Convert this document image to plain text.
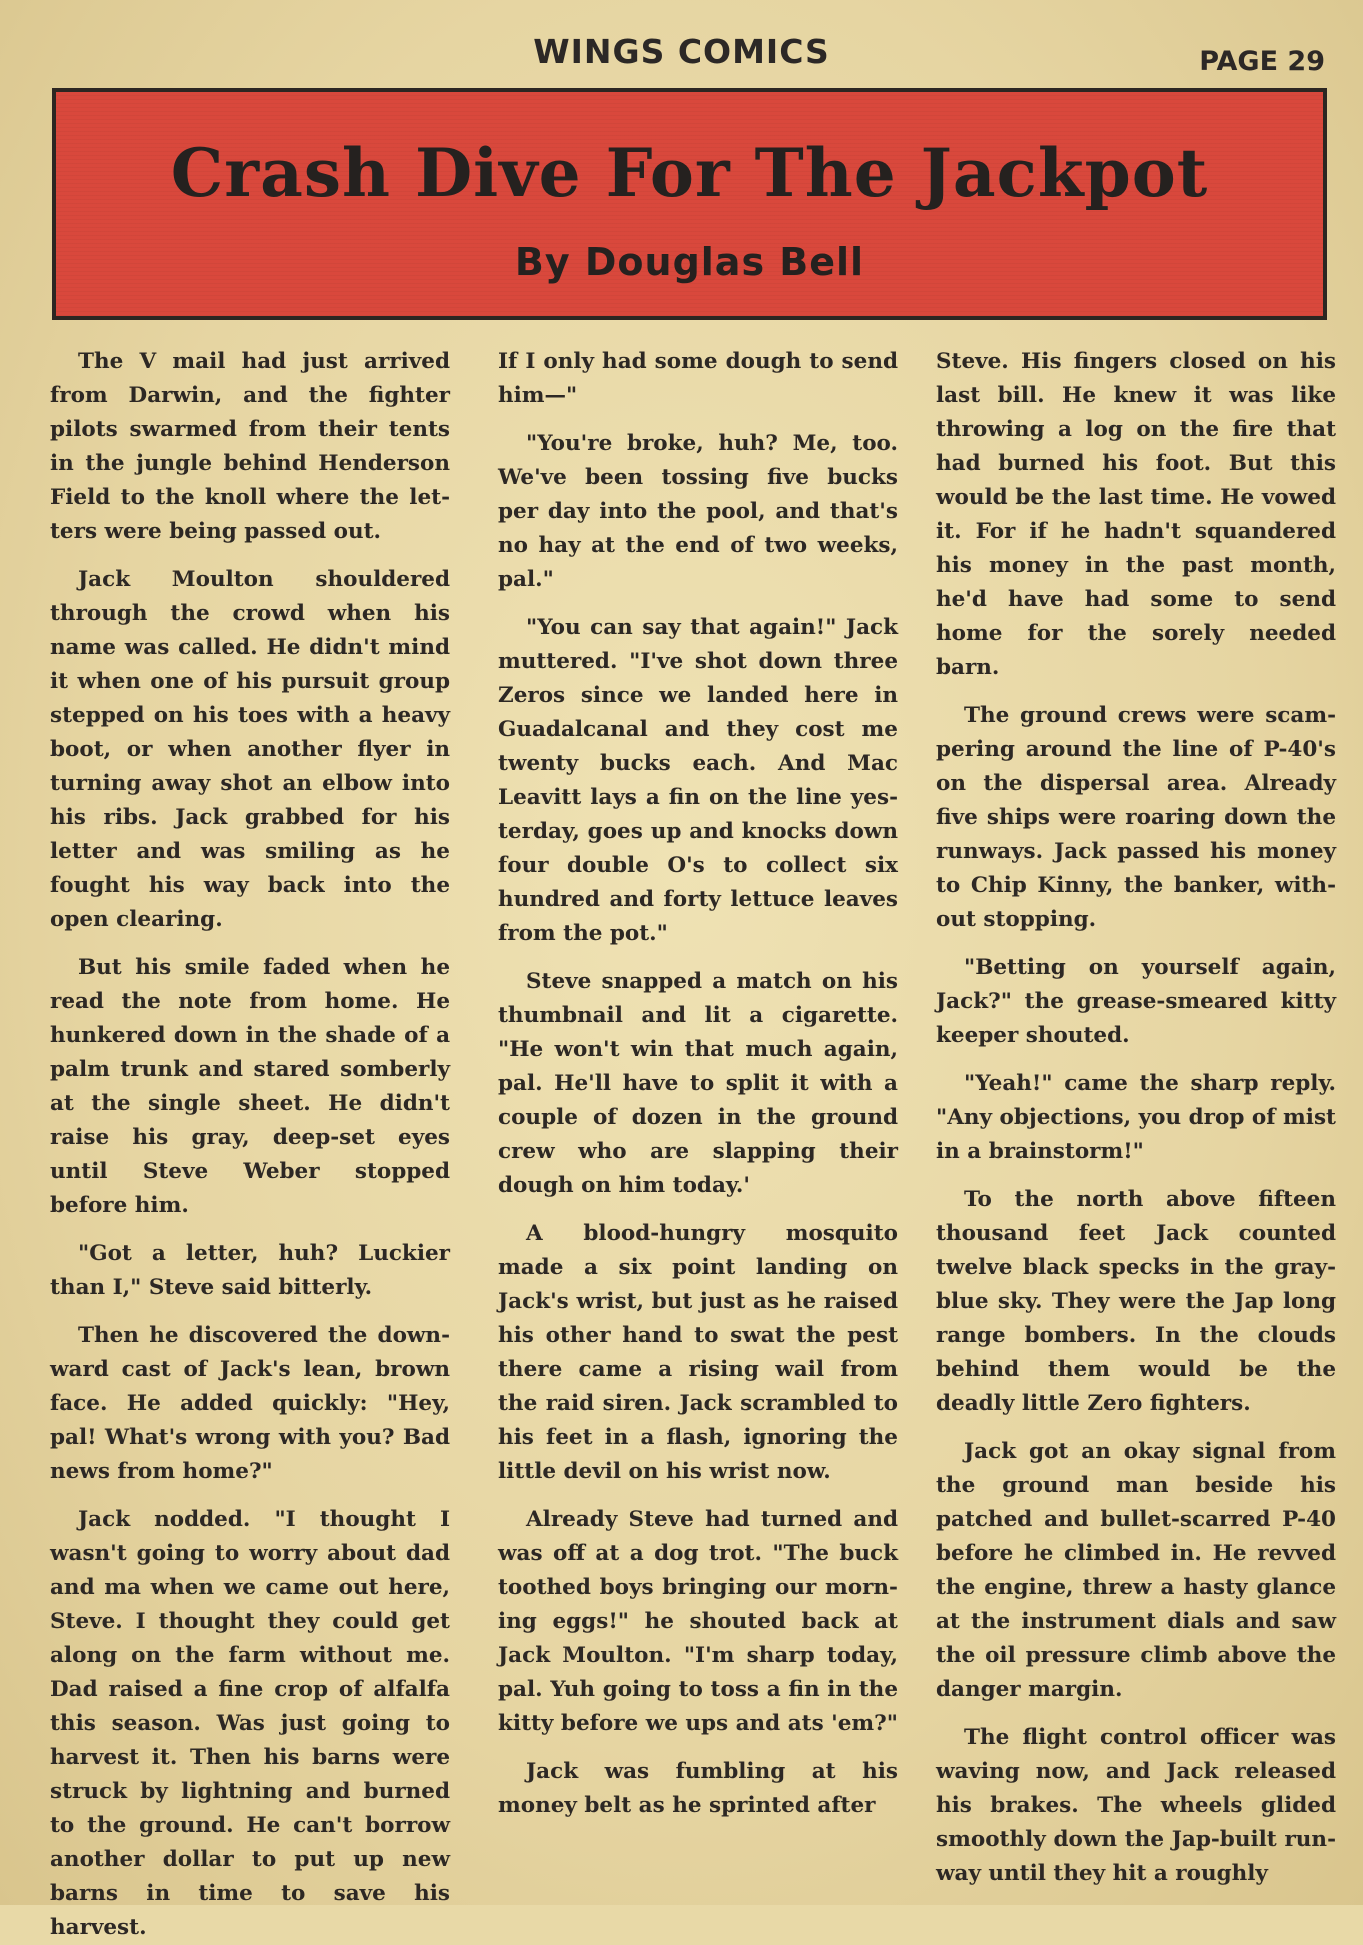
WINGS COMICS	PAGE 29
Crash Dive For The Jackpot
By Douglas Bell

The V mail had just arrived from Darwin, and the fighter pilots swarmed from their tents in the jungle behind Henderson Field to the knoll where the let-ters were being passed out.

Jack Moulton shouldered through the crowd when his name was called. He didn't mind it when one of his pursuit group stepped on his toes with a heavy boot, or when another flyer in turning away shot an elbow into his ribs. Jack grabbed for his letter and was smiling as he fought his way back into the open clearing.

But his smile faded when he read the note from home. He hunkered down in the shade of a palm trunk and stared somberly at the single sheet. He didn't raise his gray, deep-set eyes until Steve Weber stopped before him.

"Got a letter, huh? Luckier than I," Steve said bitterly.

Then he discovered the down-ward cast of Jack's lean, brown face. He added quickly: "Hey, pal! What's wrong with you? Bad news from home?"

Jack nodded. "I thought I wasn't going to worry about dad and ma when we came out here, Steve. I thought they could get along on the farm without me. Dad raised a fine crop of alfalfa this season. Was just going to harvest it. Then his barns were struck by lightning and burned to the ground. He can't borrow another dollar to put up new barns in time to save his harvest.

If I only had some dough to send him—"

"You're broke, huh? Me, too. We've been tossing five bucks per day into the pool, and that's no hay at the end of two weeks, pal."

"You can say that again!" Jack muttered. "I've shot down three Zeros since we landed here in Guadalcanal and they cost me twenty bucks each. And Mac Leavitt lays a fin on the line yes-terday, goes up and knocks down four double O's to collect six hundred and forty lettuce leaves from the pot."

Steve snapped a match on his thumbnail and lit a cigarette. "He won't win that much again, pal. He'll have to split it with a couple of dozen in the ground crew who are slapping their dough on him today.'

A blood-hungry mosquito made a six point landing on Jack's wrist, but just as he raised his other hand to swat the pest there came a rising wail from the raid siren. Jack scrambled to his feet in a flash, ignoring the little devil on his wrist now.

Already Steve had turned and was off at a dog trot. "The buck toothed boys bringing our morn-ing eggs!" he shouted back at Jack Moulton. "I'm sharp today, pal. Yuh going to toss a fin in the kitty before we ups and ats 'em?"

Jack was fumbling at his money belt as he sprinted after

Steve. His fingers closed on his last bill. He knew it was like throwing a log on the fire that had burned his foot. But this would be the last time. He vowed it. For if he hadn't squandered his money in the past month, he'd have had some to send home for the sorely needed barn.

The ground crews were scam-pering around the line of P-40's on the dispersal area. Already five ships were roaring down the runways. Jack passed his money to Chip Kinny, the banker, with-out stopping.

"Betting on yourself again, Jack?" the grease-smeared kitty keeper shouted.

"Yeah!" came the sharp reply. "Any objections, you drop of mist in a brainstorm!"

To the north above fifteen thousand feet Jack counted twelve black specks in the gray-blue sky. They were the Jap long range bombers. In the clouds behind them would be the deadly little Zero fighters.

Jack got an okay signal from the ground man beside his patched and bullet-scarred P-40 before he climbed in. He revved the engine, threw a hasty glance at the instrument dials and saw the oil pressure climb above the danger margin.

The flight control officer was waving now, and Jack released his brakes. The wheels glided smoothly down the Jap-built run-way until they hit a roughly
